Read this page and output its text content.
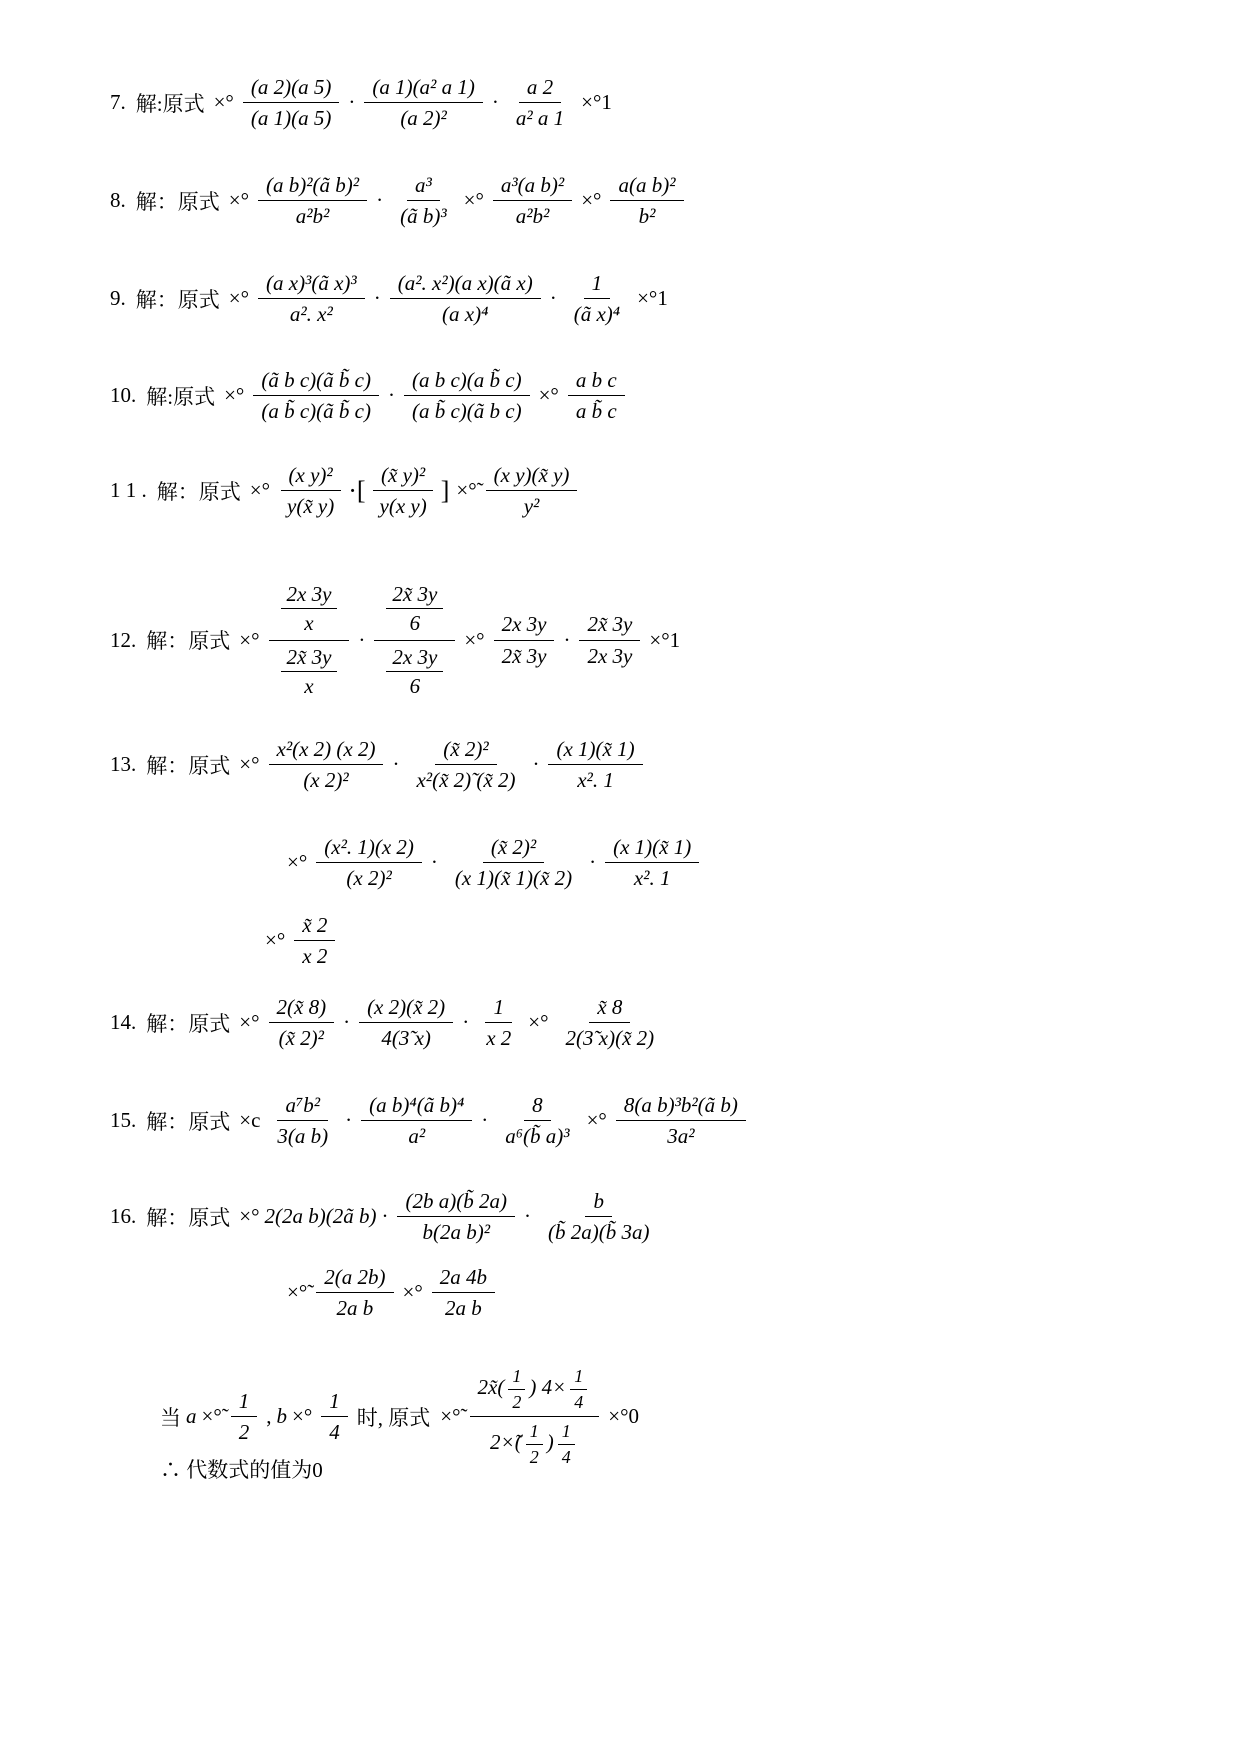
7. 解:原式 ×° $\frac{(a 2)(a 5)}{(a 1)(a 5)} \cdot \frac{\text{(a 1)(a² a 1)}}{\text{(a 2)²}} \cdot \frac{a 2}{\text{a² a 1}} \times^\circ 1$
8. 解：原式 ×° $\frac{\text{(a b)²(ã b)²}}{\text{a²b²}} \cdot \frac{\text{a³}}{\text{(ã b)³}}$ ×° $\frac{\text{a³(a b)²}}{\text{a²b²}}$ ×° $\frac{\text{a(a b)²}}{\text{b²}}$
9. 解：原式 ×° $\frac{\text{(a x)³(ã x)³}}{\text{a². x²}} \cdot \frac{\text{(a². x²)(a x)(ã x)}}{\text{(a x)⁴}} \cdot \frac{1}{\text{(ã x)⁴}} \times^\circ 1$
10. 解:原式 ×° $\frac{\text{(ã b c)(ã b̃ c)}}{\text{(a b̃ c)(ã b̃ c)}} \cdot \frac{\text{(a b c)(a b̃ c)}}{\text{(a b̃ c)(ã b c)}}$ ×° $\frac{\text{a b c}}{\text{a b̃ c}}$
1 1 . 解：原式 ×° $\frac{\text{(x y)²}}{y(x̃ y)}$ ·[ $\frac{\text{(x̃ y)²}}{\text{y(x y)}}$ ] ×°̃ $\frac{\text{(x y)(x̃ y)}}{\text{y²}}$
12. 解：原式 ×° $\frac{\frac{2x 3y}{x}}{\frac{2x̃ 3y}{x}} \cdot \frac{\frac{2x̃ 3y}{6}}{\frac{2x 3y}{6}}$ ×° $\frac{2x 3y}{2x̃ 3y} \cdot \frac{2x̃ 3y}{2x 3y} \times^\circ 1$
13. 解：原式 ×° $\frac{\text{x²(x 2) (x 2)}}{\text{(x 2)²}} \cdot \frac{\text{(x̃ 2)²}}{\text{x²(x̃ 2)̃ (x̃ 2)}} \cdot \frac{(x 1)(x̃ 1)}{\text{x². 1}}$
×° $\frac{\text{(x². 1)(x 2)}}{\text{(x 2)²}} \cdot \frac{\text{(x̃ 2)²}}{(x 1)(x̃ 1)(x̃ 2)} \cdot \frac{(x 1)(x̃ 1)}{\text{x². 1}}$
×° $\frac{x̃ 2}{x 2}$
14. 解：原式 ×° $\frac{2(x̃ 8)}{\text{(x̃ 2)²}} \cdot \frac{(x 2)(x̃ 2)}{4(3̃ x)} \cdot \frac{1}{x 2}$ ×° $\frac{x̃ 8}{2(3̃ x)(x̃ 2)}$
15. 解：原式 $\times c \frac{\text{a⁷b²}}{\text{3(a b)}} \cdot \frac{\text{(a b)⁴(ã b)⁴}}{\text{a²}} \cdot \frac{8}{\text{a⁶(b̃ a)³}}$ ×° $\frac{\text{8(a b)³b²(ã b)}}{\text{3a²}}$
16. 解：原式 ×° 2(2a b)(2ã $b) \cdot \frac{\text{(2b a)(b̃ 2a)}}{\text{b(2a b)²}} \cdot \frac{b}{(b̃ 2a)(b̃ 3a)}$
×°̃ $\frac{2(a 2b)}{\text{2a b}}$ ×° $\frac{2a 4b}{\text{2a b}}$
当 a ×°̃ $\frac{1}{2}$ , b ×° $\frac{1}{4}$ 时, 原式 ×°̃ $\frac{2x̃( \frac{1}{2} ) 4\times \frac{1}{4}}{2\times̃( \frac{1}{2} ) \frac{1}{4}} \times^\circ 0$
∴ 代数式的值为0
